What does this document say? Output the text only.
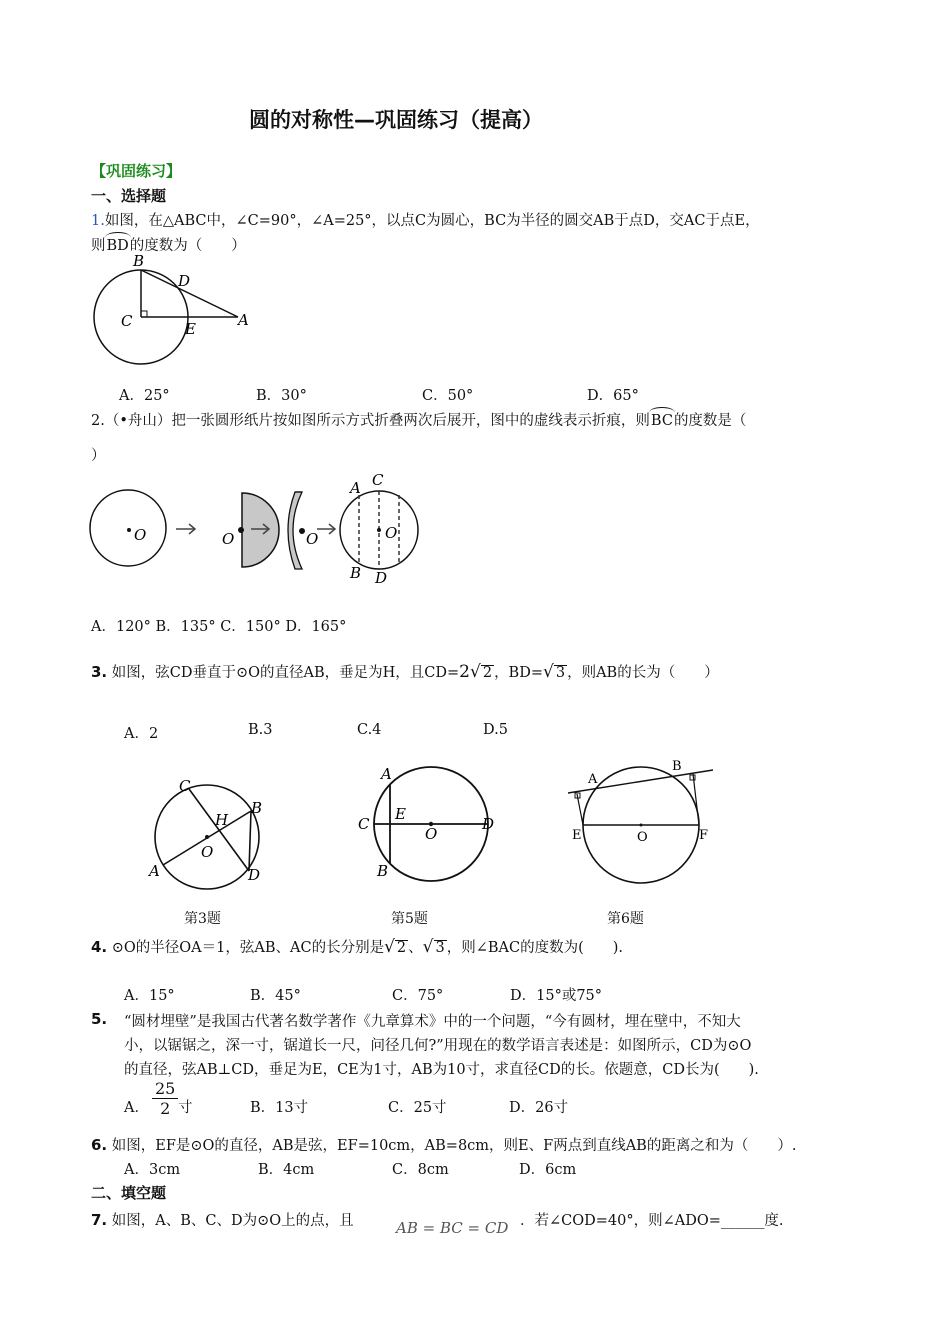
圆的对称性—巩固练习（提高）
【巩固练习】
一、选择题
1.如图，在△ABC中，∠C=90°，∠A=25°，以点C为圆心，BC为半径的圆交AB于点D，交AC于点E，
则BD的度数为（　　）
B
D
C	E	A
A．25°	B．30°	C．50°	D．65°
2.（•舟山）把一张圆形纸片按如图所示方式折叠两次后展开，图中的虚线表示折痕，则BC的度数是（
）
O	O	O	O
A C
B D
A．120° B．135° C．150° D．165°
3. 如图，弦CD垂直于⊙O的直径AB，垂足为H，且CD=2√ 2 ，BD=√ 3 ，则AB的长为（　　）
A．2	B.3	C.4	D.5
C
H
B
O
A	D
A
C
E
O
D
B
A
B
E	O	F
第3题	第5题	第6题
4. ⊙O的半径OA＝1，弦AB、AC的长分别是√ 2 、√ 3 ，则∠BAC的度数为(　　).
A．15°	B．45°	C．75°	D．15°或75°
5. “圆材埋壁”是我国古代著名数学著作《九章算术》中的一个问题，“今有圆材，埋在壁中，不知大
小，以锯锯之，深一寸，锯道长一尺，问径几何?”用现在的数学语言表述是：如图所示，CD为⊙O
的直径，弦AB⊥CD，垂足为E，CE为1寸，AB为10寸，求直径CD的长。依题意，CD长为(　　).
A． $\frac{25}{2}$ 寸	B．13寸	C．25寸	D．26寸
6. 如图，EF是⊙O的直径，AB是弦，EF=10cm，AB=8cm，则E、F两点到直线AB的距离之和为（　　）.
A．3cm	B．4cm	C．8cm	D．6cm
二、填空题
7. 如图，A、B、C、D为⊙O上的点，且	AB = BC = CD ．若∠COD=40°，则∠ADO=______度.
